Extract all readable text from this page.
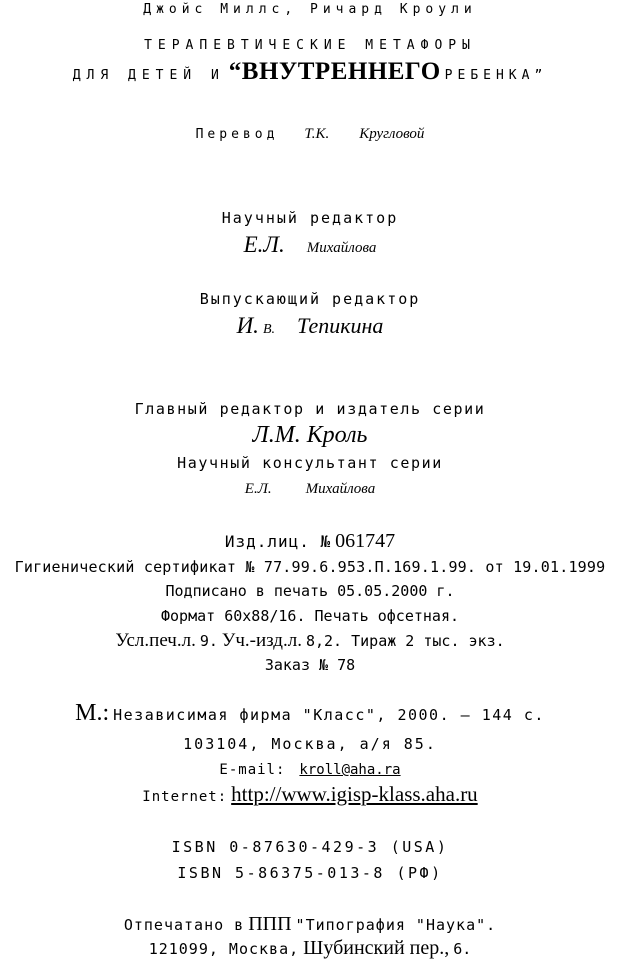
Джойс Миллс, Ричард Кроули
ТЕРАПЕВТИЧЕСКИЕ МЕТАФОРЫ
ДЛЯ ДЕТЕЙ И “ВНУТРЕННЕГО РЕБЕНКА”
Перевод Т.К. Кругловой
Научный редактор
Е.Л. Михайлова
Выпускающий редактор
И. В. Тепикина
Главный редактор и издатель серии
Л.М. Кроль
Научный консультант серии
Е.Л. Михайлова
Изд.лиц. № 061747
Гигиенический сертификат № 77.99.6.953.П.169.1.99. от 19.01.1999
Подписано в печать 05.05.2000 г.
Формат 60x88/16. Печать офсетная.
Усл.печ.л. 9. Уч.-изд.л. 8,2. Тираж 2 тыс. экз.
Заказ № 78
М.: Независимая фирма "Класс", 2000. — 144 с.
103104, Москва, а/я 85.
E-mail: kroll@aha.ra
Internet: http://www.igisp-klass.aha.ru
ISBN 0-87630-429-3 (USA)
ISBN 5-86375-013-8 (РФ)
Отпечатано в ППП "Типография "Наука".
121099, Москва, Шубинский пер., 6.
